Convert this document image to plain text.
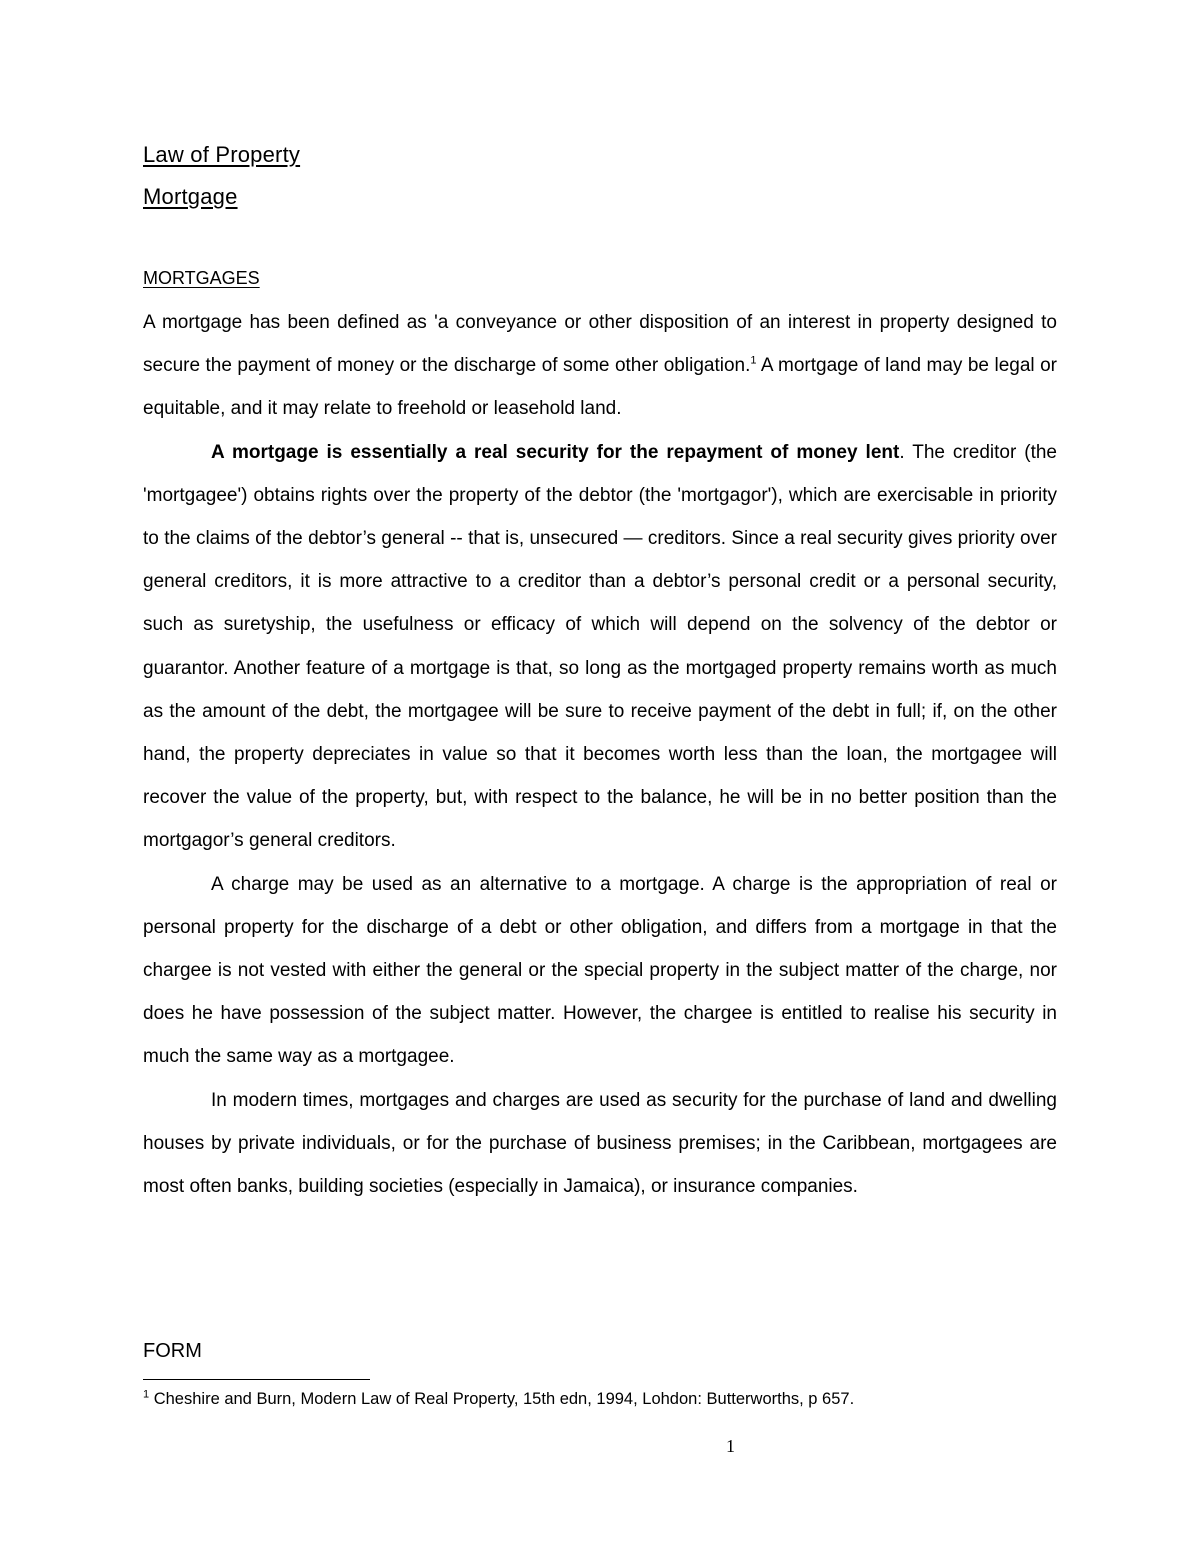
Law of Property
Mortgage
MORTGAGES

A mortgage has been defined as 'a conveyance or other disposition of an interest in property designed to secure the payment of money or the discharge of some other obligation.$^1$ A mortgage of land may be legal or equitable, and it may relate to freehold or leasehold land.

A mortgage is essentially a real security for the repayment of money lent. The creditor (the 'mortgagee') obtains rights over the property of the debtor (the 'mortgagor'), which are exercisable in priority to the claims of the debtor’s general -- that is, unsecured — creditors. Since a real security gives priority over general creditors, it is more attractive to a creditor than a debtor’s personal credit or a personal security, such as suretyship, the usefulness or efficacy of which will depend on the solvency of the debtor or guarantor. Another feature of a mortgage is that, so long as the mortgaged property remains worth as much as the amount of the debt, the mortgagee will be sure to receive payment of the debt in full; if, on the other hand, the property depreciates in value so that it becomes worth less than the loan, the mortgagee will recover the value of the property, but, with respect to the balance, he will be in no better position than the mortgagor’s general creditors.

A charge may be used as an alternative to a mortgage. A charge is the appropriation of real or personal property for the discharge of a debt or other obligation, and differs from a mortgage in that the chargee is not vested with either the general or the special property in the subject matter of the charge, nor does he have possession of the subject matter. However, the chargee is entitled to realise his security in much the same way as a mortgagee.

In modern times, mortgages and charges are used as security for the purchase of land and dwelling houses by private individuals, or for the purchase of business premises; in the Caribbean, mortgagees are most often banks, building societies (especially in Jamaica), or insurance companies.

FORM
$^1$ Cheshire and Burn, Modern Law of Real Property, 15th edn, 1994, Lohdon: Butterworths, p 657.
1
